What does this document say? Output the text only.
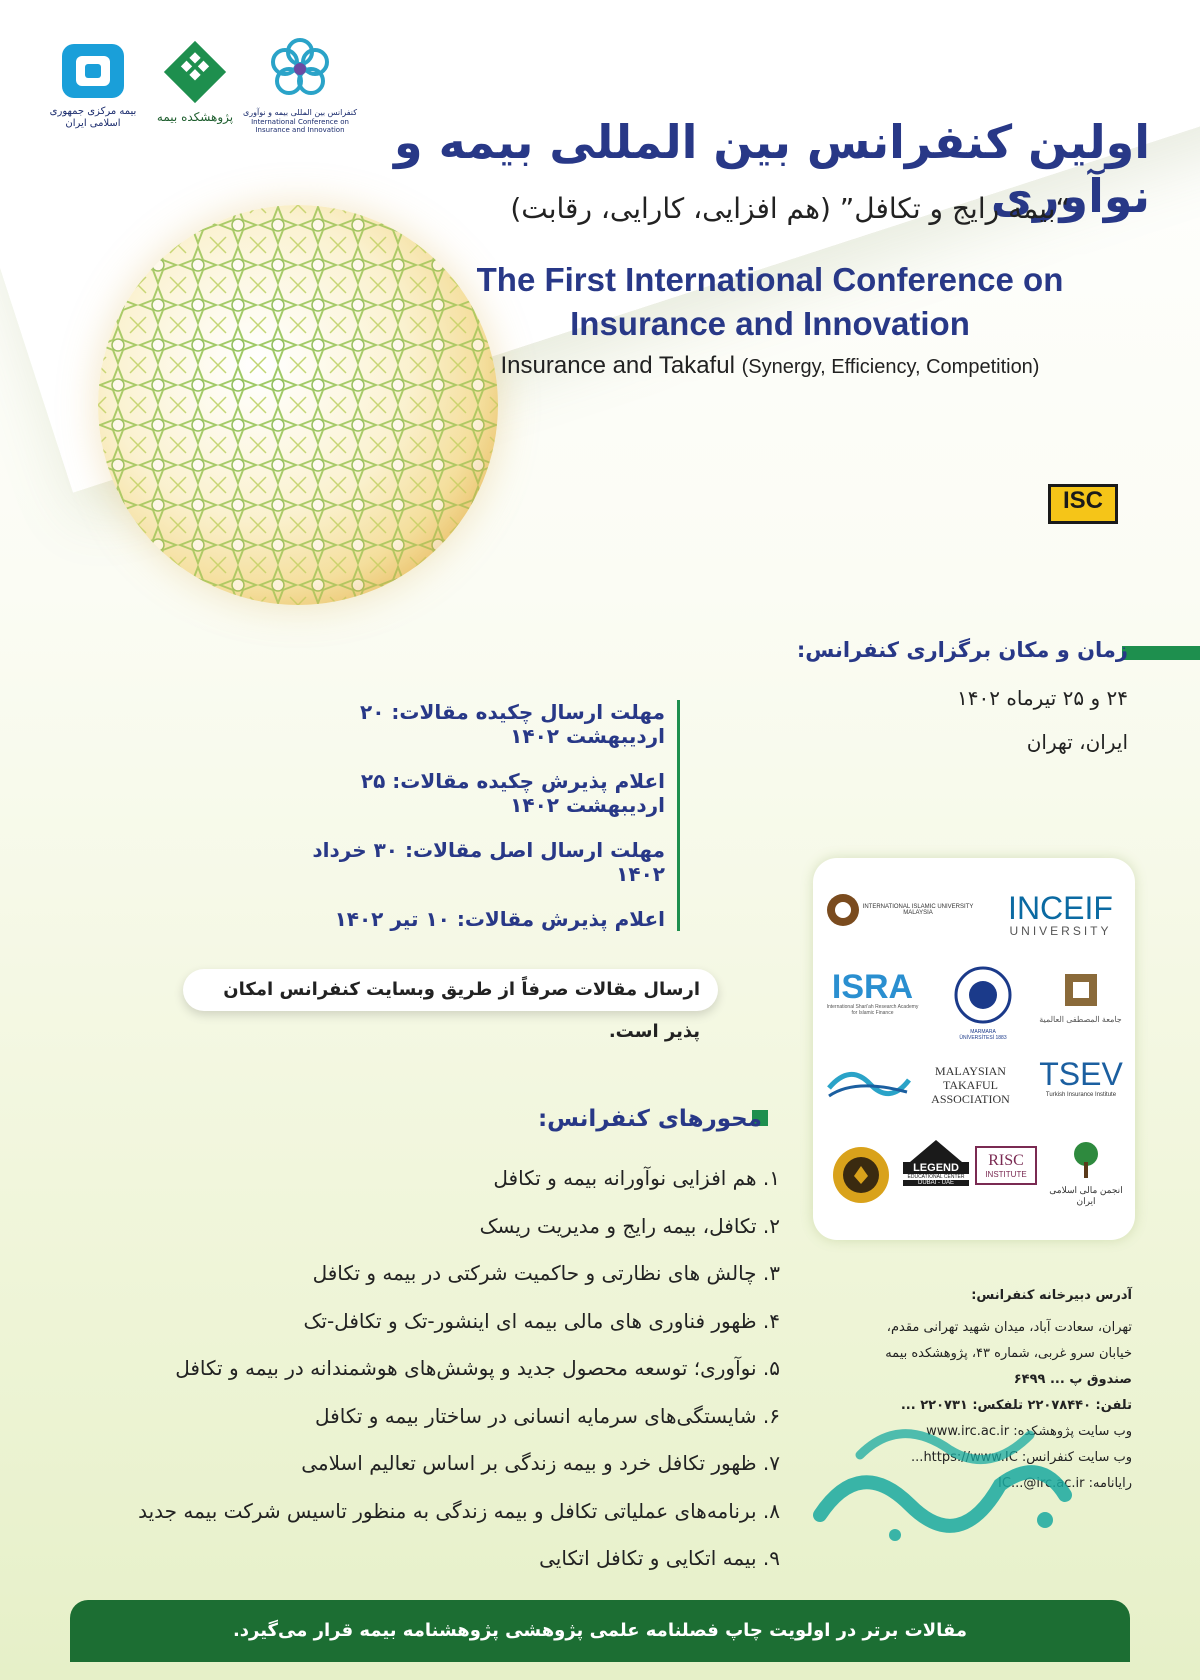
بیمه مرکزی جمهوری اسلامی ایران	پژوهشکده بیمه	کنفرانس بین المللی بیمه و نوآوری
International Conference on Insurance and Innovation	اولین کنفرانس بین المللی بیمه و نوآوری
“بیمه رایج و تکافل” (هم افزایی، کارایی، رقابت)
The First International Conference on
Insurance and Innovation
Insurance and Takaful (Synergy, Efficiency, Competition)
ISC
زمان و مکان برگزاری کنفرانس:
۲۴ و ۲۵ تیرماه ۱۴۰۲
ایران، تهران
مهلت ارسال چکیده مقالات: ۲۰ اردیبهشت ۱۴۰۲
اعلام پذیرش چکیده مقالات: ۲۵ اردیبهشت ۱۴۰۲
مهلت ارسال اصل مقالات: ۳۰ خرداد ۱۴۰۲
اعلام پذیرش مقالات: ۱۰ تیر ۱۴۰۲
ارسال مقالات صرفاً از طریق وبسایت کنفرانس امکان پذیر است.
INTERNATIONAL ISLAMIC UNIVERSITY MALAYSIA	INCEIF
UNIVERSITY
ISRA
International Shari'ah Research Academy for Islamic Finance
MARMARA ÜNİVERSİTESİ 1883
جامعة المصطفی العالمیة
MALAYSIAN
TAKAFUL
ASSOCIATION
TSEV
Turkish Insurance Institute
LEGEND
EDUCATIONAL CENTER
DUBAI - UAE
RISC
INSTITUTE
انجمن مالی اسلامی ایران
محورهای کنفرانس:
۱. هم افزایی نوآورانه بیمه و تکافل
۲. تکافل، بیمه رایج و مدیریت ریسک
۳. چالش های نظارتی و حاکمیت شرکتی در بیمه و تکافل
۴. ظهور فناوری های مالی بیمه ای اینشور-تک و تکافل-تک
۵. نوآوری؛ توسعه محصول جدید و پوشش‌های هوشمندانه در بیمه و تکافل
۶. شایستگی‌های سرمایه انسانی در ساختار بیمه و تکافل
۷. ظهور تکافل خرد و بیمه زندگی بر اساس تعالیم اسلامی
۸. برنامه‌های عملیاتی تکافل و بیمه زندگی به منظور تاسیس شرکت بیمه جدید
۹. بیمه اتکایی و تکافل اتکایی
آدرس دبیرخانه کنفرانس:
تهران، سعادت آباد، میدان شهید تهرانی مقدم،
خیابان سرو غربی، شماره ۴۳، پژوهشکده بیمه
صندوق پ ... ۶۴۹۹
تلفن: ۲۲۰۷۸۴۴۰ تلفکس: ۲۲۰۷۳۱ ...
وب سایت پژوهشکده: www.irc.ac.ir
وب سایت کنفرانس: https://www.IC...
رایانامه: IC...@irc.ac.ir
مقالات برتر در اولویت چاپ فصلنامه علمی پژوهشی پژوهشنامه بیمه قرار می‌گیرد.
